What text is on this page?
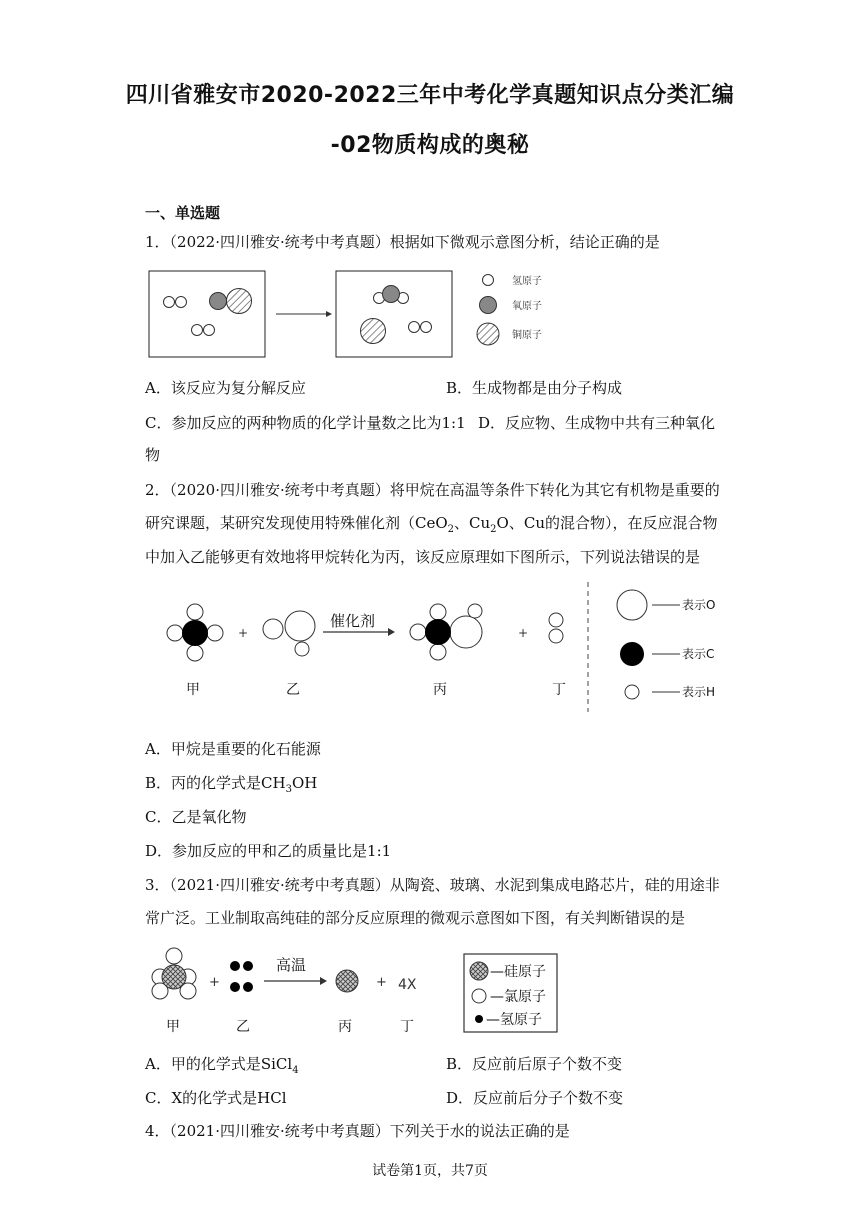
四川省雅安市2020-2022三年中考化学真题知识点分类汇编
-02物质构成的奥秘
一、单选题
1．（2022·四川雅安·统考中考真题）根据如下微观示意图分析，结论正确的是
氢原子
氧原子
铜原子
A．该反应为复分解反应	B．生成物都是由分子构成
C．参加反应的两种物质的化学计量数之比为1:1 D．反应物、生成物中共有三种氧化
物
2．（2020·四川雅安·统考中考真题）将甲烷在高温等条件下转化为其它有机物是重要的
研究课题，某研究发现使用特殊催化剂（CeO$_2$、$Cu_2O$、Cu的混合物），在反应混合物
中加入乙能够更有效地将甲烷转化为丙，该反应原理如下图所示，下列说法错误的是
+
催化剂
+
甲	乙	丙	丁
表示O
表示C
表示H
A．甲烷是重要的化石能源
B．丙的化学式是$CH_3OH$
C．乙是氧化物
D．参加反应的甲和乙的质量比是1:1
3．（2021·四川雅安·统考中考真题）从陶瓷、玻璃、水泥到集成电路芯片，硅的用途非
常广泛。工业制取高纯硅的部分反应原理的微观示意图如下图，有关判断错误的是
+
高温
+ 4X
甲	乙	丙	丁
—硅原子
—氯原子
—氢原子
A．甲的化学式是SiCl$_4$	B．反应前后原子个数不变
C．X的化学式是HCl	D．反应前后分子个数不变
4．（2021·四川雅安·统考中考真题）下列关于水的说法正确的是
试卷第1页，共7页
